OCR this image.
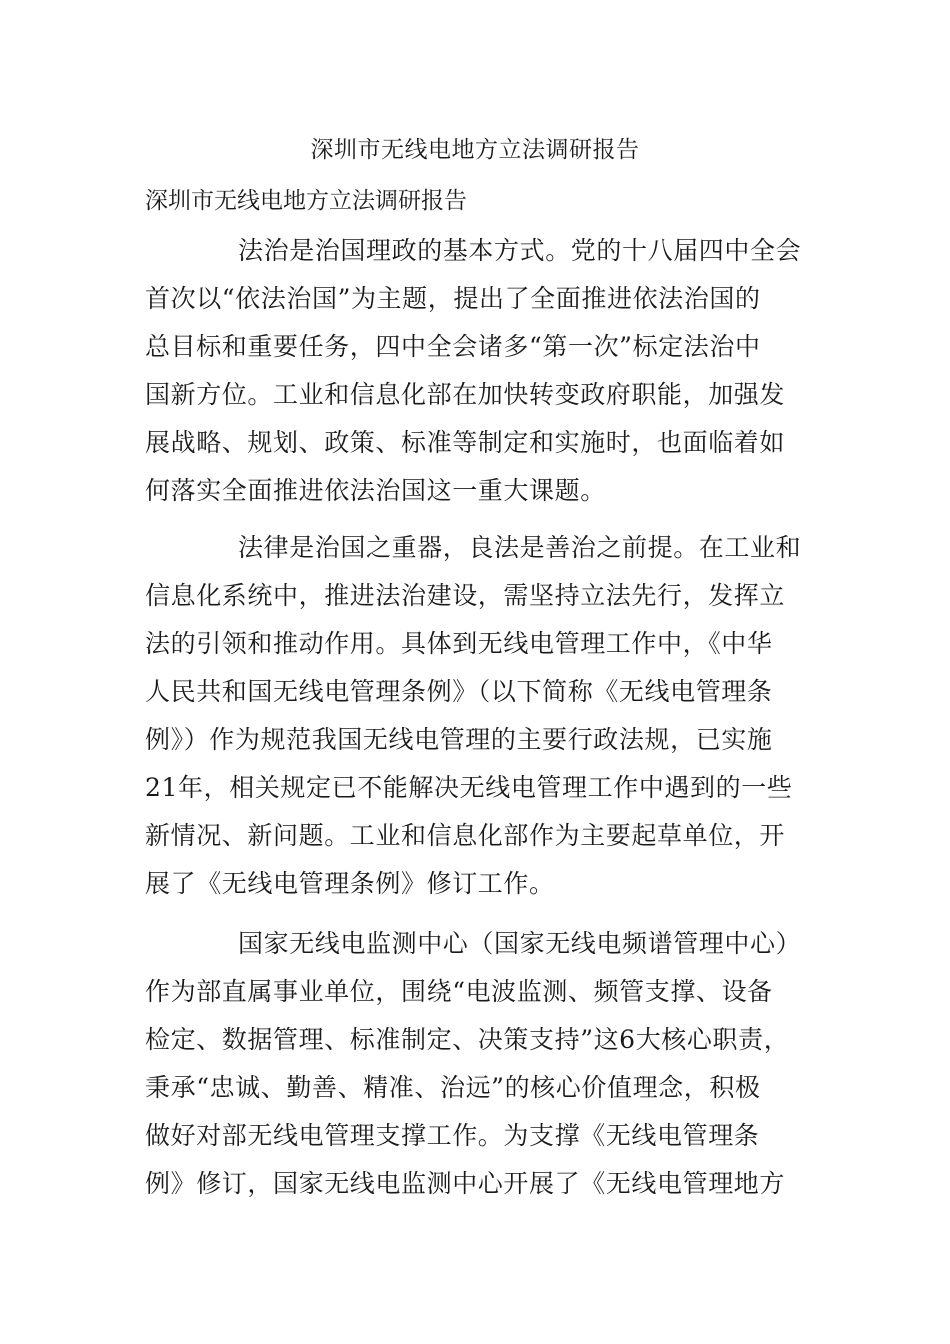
深圳市无线电地方立法调研报告
深圳市无线电地方立法调研报告
法治是治国理政的基本方式。党的十八届四中全会
首次以“依法治国”为主题，提出了全面推进依法治国的
总目标和重要任务，四中全会诸多“第一次”标定法治中
国新方位。工业和信息化部在加快转变政府职能，加强发
展战略、规划、政策、标准等制定和实施时，也面临着如
何落实全面推进依法治国这一重大课题。
法律是治国之重器，良法是善治之前提。在工业和
信息化系统中，推进法治建设，需坚持立法先行，发挥立
法的引领和推动作用。具体到无线电管理工作中，《中华
人民共和国无线电管理条例》（以下简称《无线电管理条
例》）作为规范我国无线电管理的主要行政法规，已实施
21年，相关规定已不能解决无线电管理工作中遇到的一些
新情况、新问题。工业和信息化部作为主要起草单位，开
展了《无线电管理条例》修订工作。
国家无线电监测中心（国家无线电频谱管理中心）
作为部直属事业单位，围绕“电波监测、频管支撑、设备
检定、数据管理、标准制定、决策支持”这6大核心职责，
秉承“忠诚、勤善、精准、治远”的核心价值理念，积极
做好对部无线电管理支撑工作。为支撑《无线电管理条
例》修订，国家无线电监测中心开展了《无线电管理地方
